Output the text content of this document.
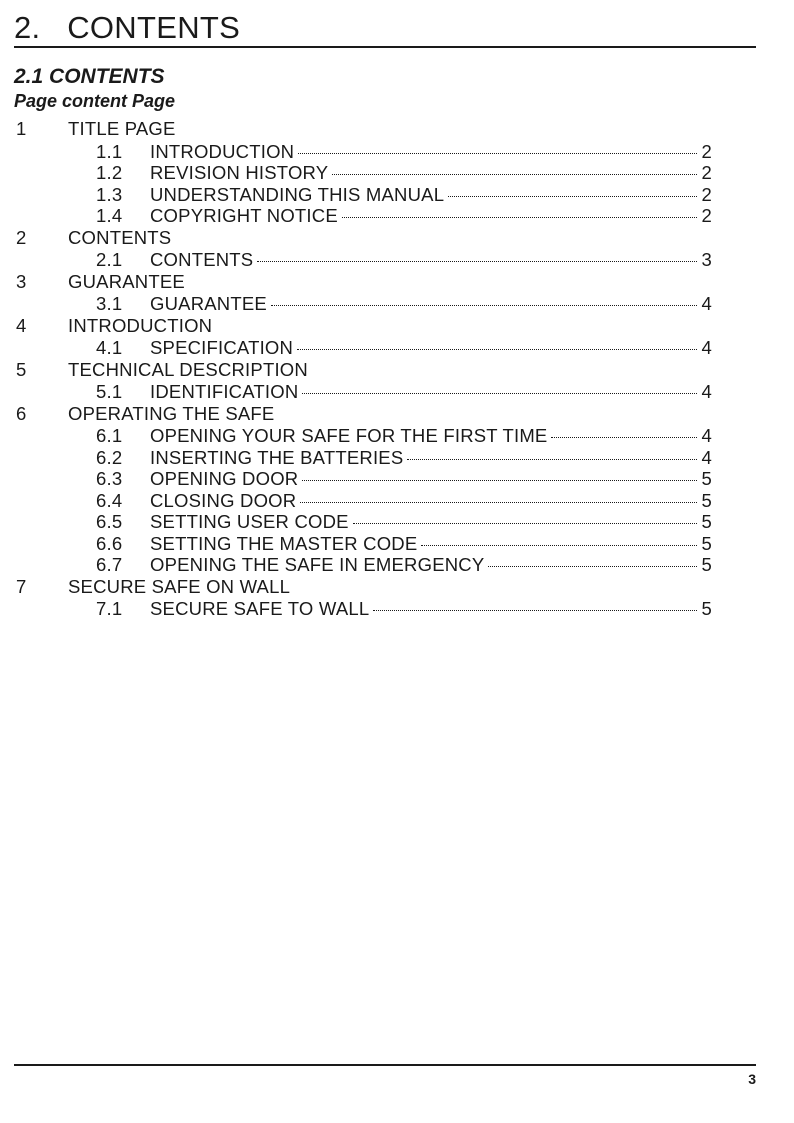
2.   CONTENTS
2.1 CONTENTS
Page content Page
1 TITLE PAGE
1.1 INTRODUCTION	2
1.2 REVISION HISTORY	2
1.3 UNDERSTANDING THIS MANUAL	2
1.4 COPYRIGHT NOTICE	2
2 CONTENTS
2.1 CONTENTS	3
3 GUARANTEE
3.1 GUARANTEE	4
4 INTRODUCTION
4.1 SPECIFICATION	4
5 TECHNICAL DESCRIPTION
5.1 IDENTIFICATION	4
6 OPERATING THE SAFE
6.1 OPENING YOUR SAFE FOR THE FIRST TIME	4
6.2 INSERTING THE BATTERIES	4
6.3 OPENING DOOR	5
6.4 CLOSING DOOR	5
6.5 SETTING USER CODE	5
6.6 SETTING THE MASTER CODE	5
6.7 OPENING THE SAFE IN EMERGENCY	5
7 SECURE SAFE ON WALL
7.1 SECURE SAFE TO WALL	5
3
